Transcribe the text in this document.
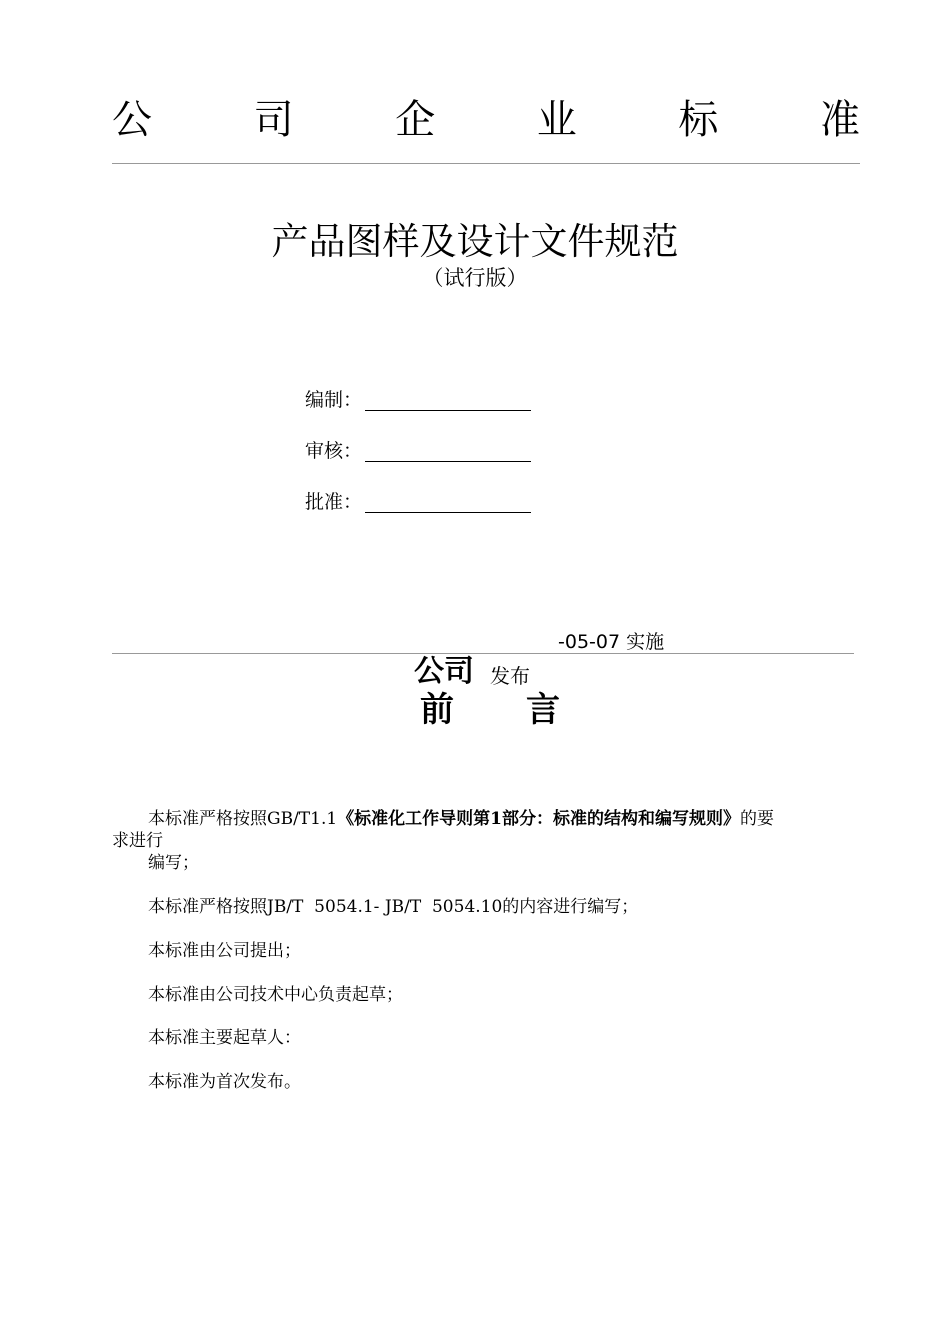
公	司	企	业	标	准
产品图样及设计文件规范
（试行版）
编制：
审核：
批准：
-05-07 实施
公司 发布
前 言
本标准严格按照GB/T1.1《标准化工作导则第1部分：标准的结构和编写规则》的要
求进行
编写；
本标准严格按照JB/T  5054.1- JB/T  5054.10的内容进行编写；
本标准由公司提出；
本标准由公司技术中心负责起草；
本标准主要起草人：
本标准为首次发布。
